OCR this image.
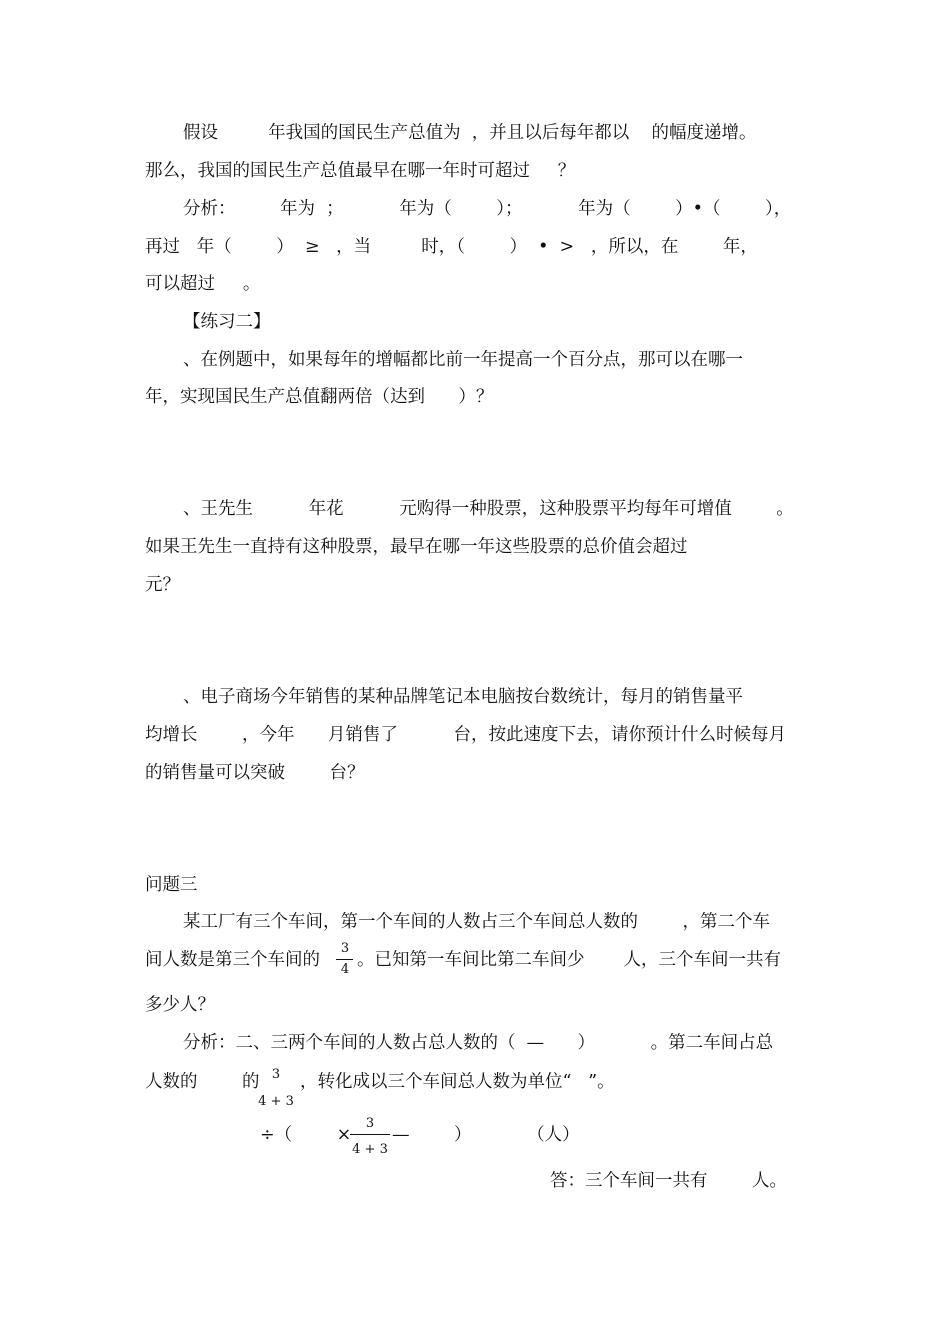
假设         年我国的国民生产总值为  ，并且以后每年都以    的幅度递增。
那么，我国的国民生产总值最早在哪一年时可超过     ？
分析：        年为  ；          年为（        ）；          年为（        ）•（        ），
再过   年（        ）  ≥   ，当         时，（        ）  •  >   ，所以，在        年，
可以超过     。
【练习二】
、在例题中，如果每年的增幅都比前一年提高一个百分点，那可以在哪一
年，实现国民生产总值翻两倍（达到      ）？
、王先生          年花          元购得一种股票，这种股票平均每年可增值        。
如果王先生一直持有这种股票，最早在哪一年这些股票的总价值会超过
元？
、电子商场今年销售的某种品牌笔记本电脑按台数统计，每月的销售量平
均增长        ，今年      月销售了          台，按此速度下去，请你预计什么时候每月
的销售量可以突破        台？
问题三
某工厂有三个车间，第一个车间的人数占三个车间总人数的        ，第二个车
间人数是第三个车间的
3
4 。已知第一车间比第二车间少       人，三个车间一共有
多少人？
分析：二、三两个车间的人数占总人数的（  —      ）          。第二车间占总
人数的        的 3
4 + 3
，转化成以三个车间总人数为单位“   ”。
÷（        ×
3
4 + 3
—        ）          （人）
答：三个车间一共有        人。
